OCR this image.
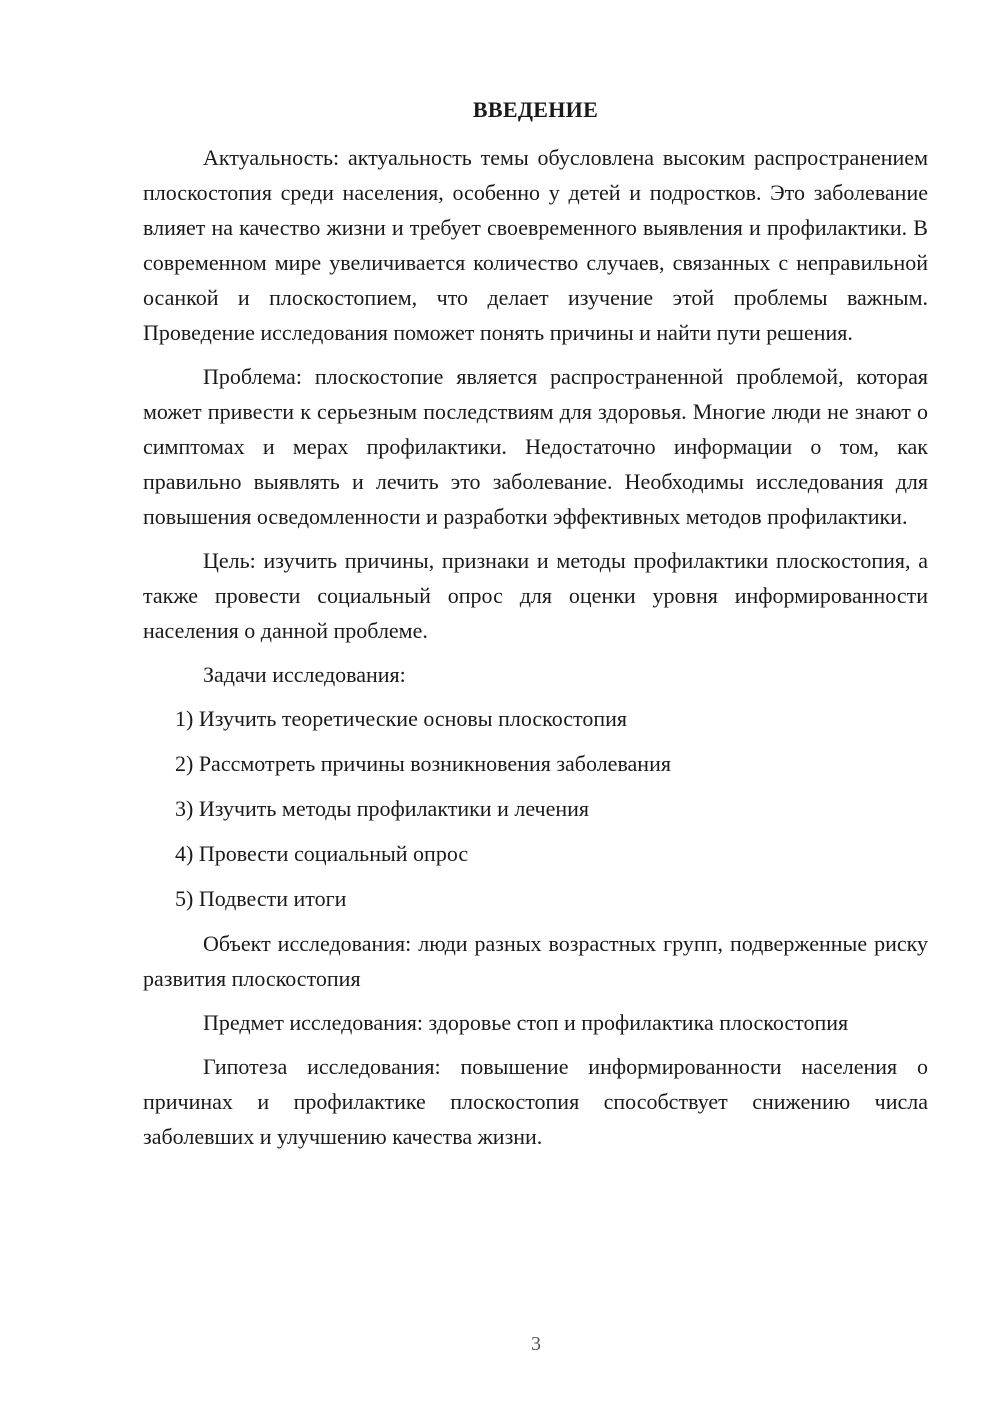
ВВЕДЕНИЕ

Актуальность: актуальность темы обусловлена высоким распространением плоскостопия среди населения, особенно у детей и подростков. Это заболевание влияет на качество жизни и требует своевременного выявления и профилактики. В современном мире увеличивается количество случаев, связанных с неправильной осанкой и плоскостопием, что делает изучение этой проблемы важным. Проведение исследования поможет понять причины и найти пути решения.

Проблема: плоскостопие является распространенной проблемой, которая может привести к серьезным последствиям для здоровья. Многие люди не знают о симптомах и мерах профилактики. Недостаточно информации о том, как правильно выявлять и лечить это заболевание. Необходимы исследования для повышения осведомленности и разработки эффективных методов профилактики.

Цель: изучить причины, признаки и методы профилактики плоскостопия, а также провести социальный опрос для оценки уровня информированности населения о данной проблеме.

Задачи исследования:

1) Изучить теоретические основы плоскостопия
2) Рассмотреть причины возникновения заболевания
3) Изучить методы профилактики и лечения
4) Провести социальный опрос
5) Подвести итоги

Объект исследования: люди разных возрастных групп, подверженные риску развития плоскостопия

Предмет исследования: здоровье стоп и профилактика плоскостопия

Гипотеза исследования: повышение информированности населения о причинах и профилактике плоскостопия способствует снижению числа заболевших и улучшению качества жизни.

3
